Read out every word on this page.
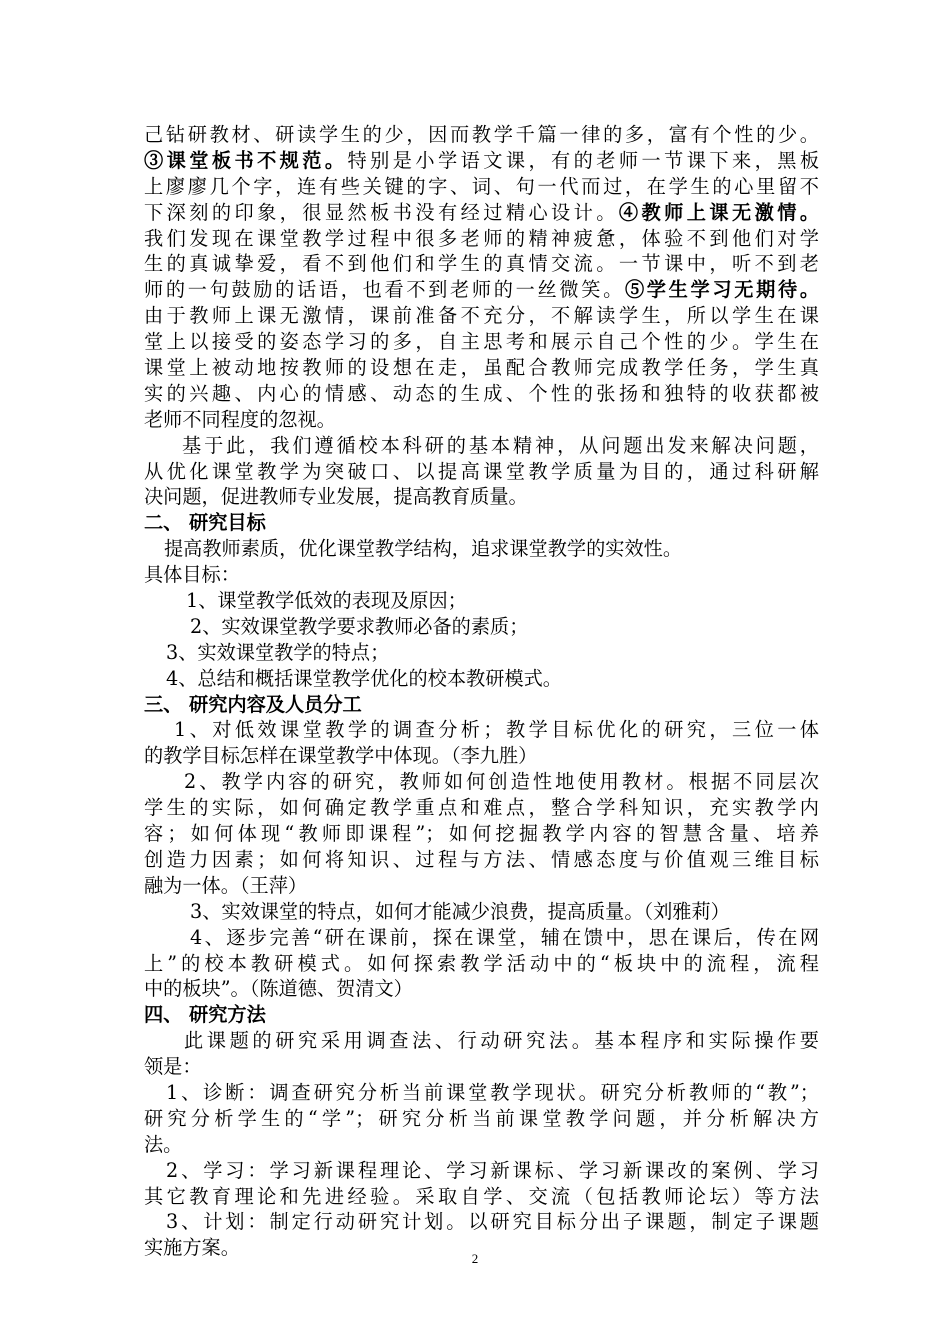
己钻研教材、研读学生的少，因而教学千篇一律的多，富有个性的少。
③课堂板书不规范。特别是小学语文课，有的老师一节课下来，黑板
上廖廖几个字，连有些关键的字、词、句一代而过，在学生的心里留不
下深刻的印象，很显然板书没有经过精心设计。④教师上课无激情。
我们发现在课堂教学过程中很多老师的精神疲惫，体验不到他们对学
生的真诚挚爱，看不到他们和学生的真情交流。一节课中，听不到老
师的一句鼓励的话语，也看不到老师的一丝微笑。⑤学生学习无期待。
由于教师上课无激情，课前准备不充分，不解读学生，所以学生在课
堂上以接受的姿态学习的多，自主思考和展示自己个性的少。学生在
课堂上被动地按教师的设想在走，虽配合教师完成教学任务，学生真
实的兴趣、内心的情感、动态的生成、个性的张扬和独特的收获都被
老师不同程度的忽视。
基于此，我们遵循校本科研的基本精神，从问题出发来解决问题，
从优化课堂教学为突破口、以提高课堂教学质量为目的，通过科研解
决问题，促进教师专业发展，提高教育质量。
二、 研究目标
提高教师素质，优化课堂教学结构，追求课堂教学的实效性。
具体目标：
1、课堂教学低效的表现及原因；
2、实效课堂教学要求教师必备的素质；
3、实效课堂教学的特点；
4、总结和概括课堂教学优化的校本教研模式。
三、 研究内容及人员分工
1、对低效课堂教学的调查分析；教学目标优化的研究，三位一体
的教学目标怎样在课堂教学中体现。（李九胜）
2、教学内容的研究，教师如何创造性地使用教材。根据不同层次
学生的实际，如何确定教学重点和难点，整合学科知识，充实教学内
容；如何体现“教师即课程”；如何挖掘教学内容的智慧含量、培养
创造力因素；如何将知识、过程与方法、情感态度与价值观三维目标
融为一体。（王萍）
3、实效课堂的特点，如何才能减少浪费，提高质量。（刘雅莉）
4、逐步完善“研在课前，探在课堂，辅在馈中，思在课后，传在网
上”的校本教研模式。如何探索教学活动中的“板块中的流程，流程
中的板块”。（陈道德、贺清文）
四、 研究方法
此课题的研究采用调查法、行动研究法。基本程序和实际操作要
领是：
1、诊断：调查研究分析当前课堂教学现状。研究分析教师的“教”；
研究分析学生的“学”；研究分析当前课堂教学问题，并分析解决方
法。
2、学习：学习新课程理论、学习新课标、学习新课改的案例、学习
其它教育理论和先进经验。采取自学、交流（包括教师论坛）等方法
3、计划：制定行动研究计划。以研究目标分出子课题，制定子课题
实施方案。	2
